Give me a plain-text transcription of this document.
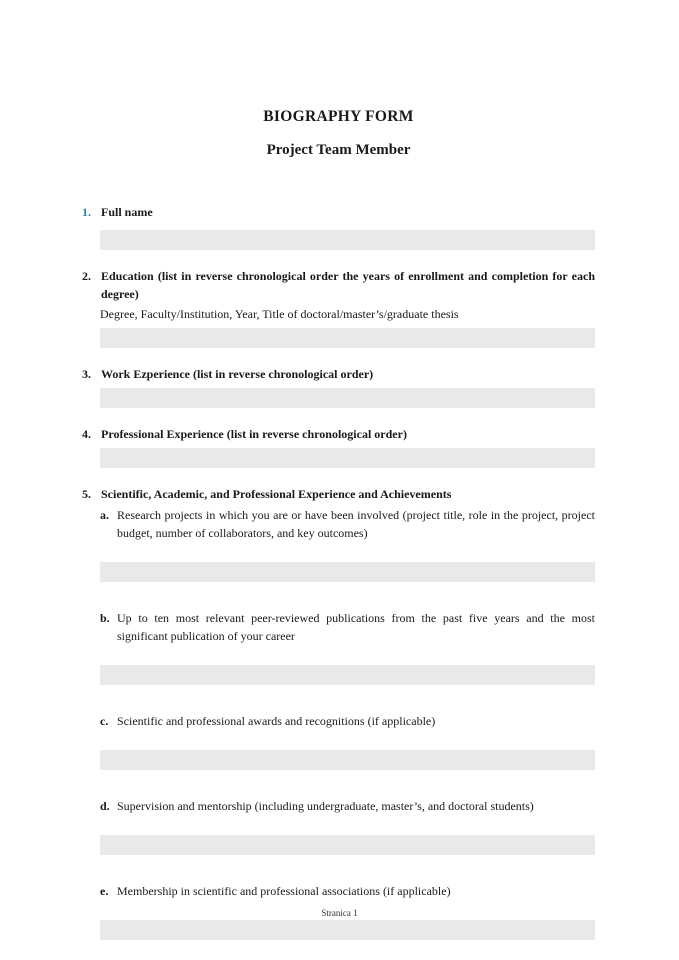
BIOGRAPHY FORM
Project Team Member
1. Full name
2. Education (list in reverse chronological order the years of enrollment and completion for each degree)
Degree, Faculty/Institution, Year, Title of doctoral/master’s/graduate thesis
3. Work Ezperience (list in reverse chronological order)
4. Professional Experience (list in reverse chronological order)
5. Scientific, Academic, and Professional Experience and Achievements
a. Research projects in which you are or have been involved (project title, role in the project, project budget, number of collaborators, and key outcomes)
b. Up to ten most relevant peer-reviewed publications from the past five years and the most significant publication of your career
c. Scientific and professional awards and recognitions (if applicable)
d. Supervision and mentorship (including undergraduate, master’s, and doctoral students)
e. Membership in scientific and professional associations (if applicable)
Stranica 1
